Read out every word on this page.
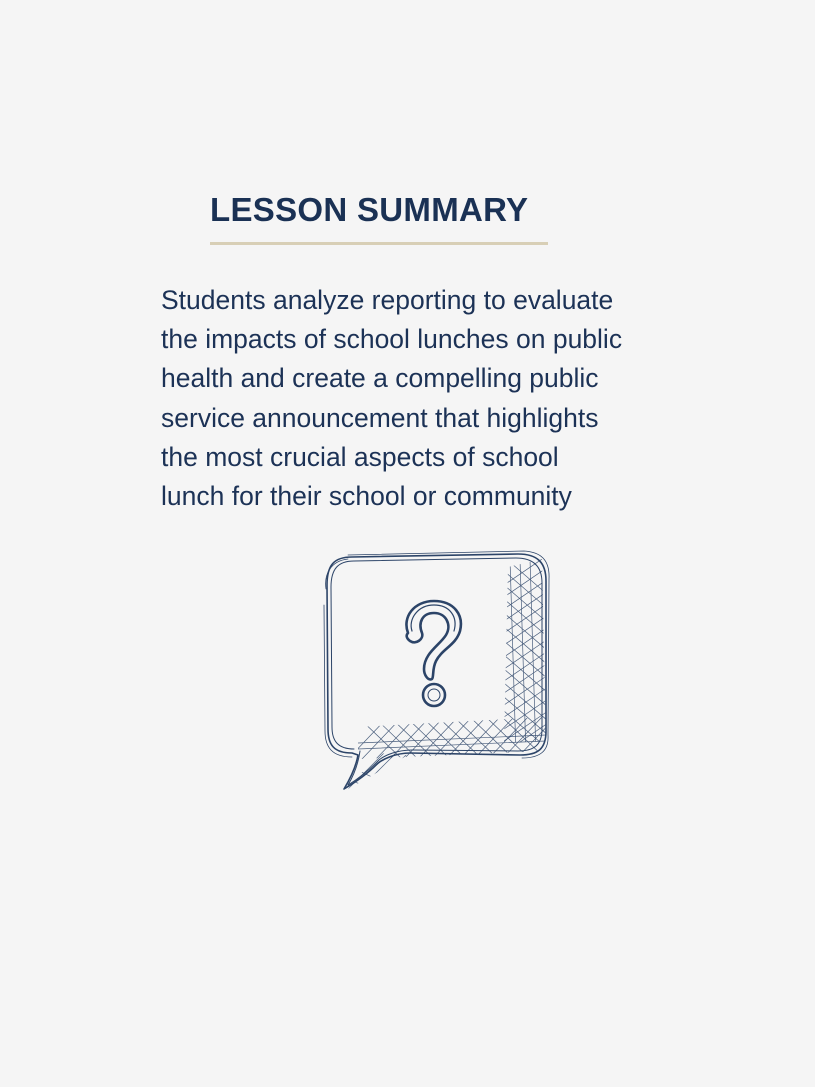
LESSON SUMMARY

Students analyze reporting to evaluate
the impacts of school lunches on public
health and create a compelling public
service announcement that highlights
the most crucial aspects of school
lunch for their school or community
